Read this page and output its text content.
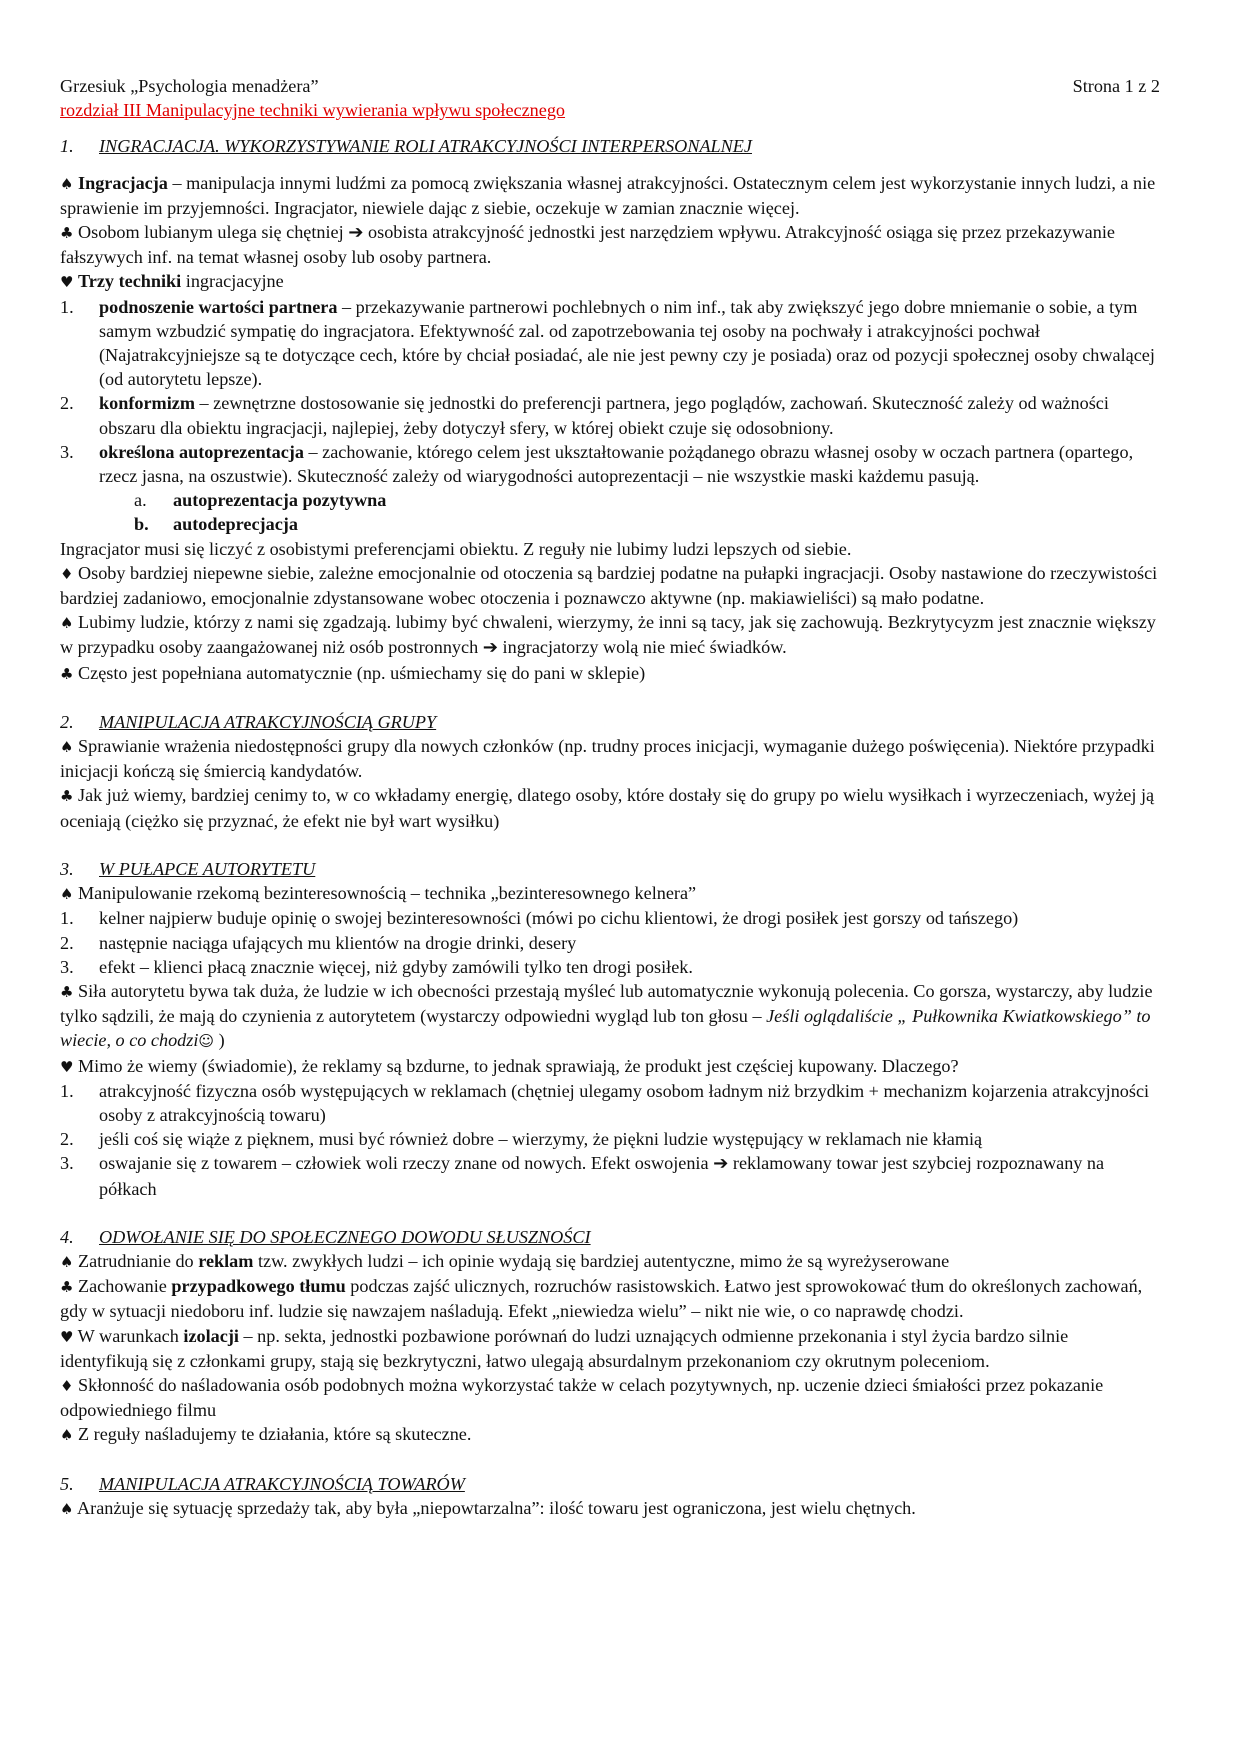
Grzesiuk „Psychologia menadżera”	Strona 1 z 2
rozdział III Manipulacyjne techniki wywierania wpływu społecznego
1.	INGRACJACJA. WYKORZYSTYWANIE ROLI ATRAKCYJNOŚCI INTERPERSONALNEJ
♠ Ingracjacja – manipulacja innymi ludźmi za pomocą zwiększania własnej atrakcyjności. Ostatecznym celem jest wykorzystanie innych ludzi, a nie sprawienie im przyjemności. Ingracjator, niewiele dając z siebie, oczekuje w zamian znacznie więcej.
♣ Osobom lubianym ulega się chętniej ➔ osobista atrakcyjność jednostki jest narzędziem wpływu. Atrakcyjność osiąga się przez przekazywanie fałszywych inf. na temat własnej osoby lub osoby partnera.
♥ Trzy techniki ingracjacyjne
1.	podnoszenie wartości partnera – przekazywanie partnerowi pochlebnych o nim inf., tak aby zwiększyć jego dobre mniemanie o sobie, a tym samym wzbudzić sympatię do ingracjatora. Efektywność zal. od zapotrzebowania tej osoby na pochwały i atrakcyjności pochwał (Najatrakcyjniejsze są te dotyczące cech, które by chciał posiadać, ale nie jest pewny czy je posiada) oraz od pozycji społecznej osoby chwalącej (od autorytetu lepsze).
2.	konformizm – zewnętrzne dostosowanie się jednostki do preferencji partnera, jego poglądów, zachowań. Skuteczność zależy od ważności obszaru dla obiektu ingracjacji, najlepiej, żeby dotyczył sfery, w której obiekt czuje się odosobniony.
3.	określona autoprezentacja – zachowanie, którego celem jest ukształtowanie pożądanego obrazu własnej osoby w oczach partnera (opartego, rzecz jasna, na oszustwie). Skuteczność zależy od wiarygodności autoprezentacji – nie wszystkie maski każdemu pasują.
a.	autoprezentacja pozytywna
b.	autodeprecjacja
Ingracjator musi się liczyć z osobistymi preferencjami obiektu. Z reguły nie lubimy ludzi lepszych od siebie.
♦ Osoby bardziej niepewne siebie, zależne emocjonalnie od otoczenia są bardziej podatne na pułapki ingracjacji. Osoby nastawione do rzeczywistości bardziej zadaniowo, emocjonalnie zdystansowane wobec otoczenia i poznawczo aktywne (np. makiawieliści) są mało podatne.
♠ Lubimy ludzie, którzy z nami się zgadzają. lubimy być chwaleni, wierzymy, że inni są tacy, jak się zachowują. Bezkrytycyzm jest znacznie większy w przypadku osoby zaangażowanej niż osób postronnych ➔ ingracjatorzy wolą nie mieć świadków.
♣ Często jest popełniana automatycznie (np. uśmiechamy się do pani w sklepie)
2.	MANIPULACJA ATRAKCYJNOŚCIĄ GRUPY
♠ Sprawianie wrażenia niedostępności grupy dla nowych członków (np. trudny proces inicjacji, wymaganie dużego poświęcenia). Niektóre przypadki inicjacji kończą się śmiercią kandydatów.
♣ Jak już wiemy, bardziej cenimy to, w co wkładamy energię, dlatego osoby, które dostały się do grupy po wielu wysiłkach i wyrzeczeniach, wyżej ją oceniają (ciężko się przyznać, że efekt nie był wart wysiłku)
3.	W PUŁAPCE AUTORYTETU
♠ Manipulowanie rzekomą bezinteresownością – technika „bezinteresownego kelnera”
1.	kelner najpierw buduje opinię o swojej bezinteresowności (mówi po cichu klientowi, że drogi posiłek jest gorszy od tańszego)
2.	następnie naciąga ufających mu klientów na drogie drinki, desery
3.	efekt – klienci płacą znacznie więcej, niż gdyby zamówili tylko ten drogi posiłek.
♣ Siła autorytetu bywa tak duża, że ludzie w ich obecności przestają myśleć lub automatycznie wykonują polecenia. Co gorsza, wystarczy, aby ludzie tylko sądzili, że mają do czynienia z autorytetem (wystarczy odpowiedni wygląd lub ton głosu – Jeśli oglądaliście „ Pułkownika Kwiatkowskiego” to wiecie, o co chodzi☺ )
♥ Mimo że wiemy (świadomie), że reklamy są bzdurne, to jednak sprawiają, że produkt jest częściej kupowany. Dlaczego?
1.	atrakcyjność fizyczna osób występujących w reklamach (chętniej ulegamy osobom ładnym niż brzydkim + mechanizm kojarzenia atrakcyjności osoby z atrakcyjnością towaru)
2.	jeśli coś się wiąże z pięknem, musi być również dobre – wierzymy, że piękni ludzie występujący w reklamach nie kłamią
3.	oswajanie się z towarem – człowiek woli rzeczy znane od nowych. Efekt oswojenia ➔ reklamowany towar jest szybciej rozpoznawany na półkach
4.	ODWOŁANIE SIĘ DO SPOŁECZNEGO DOWODU SŁUSZNOŚCI
♠ Zatrudnianie do reklam tzw. zwykłych ludzi – ich opinie wydają się bardziej autentyczne, mimo że są wyreżyserowane
♣ Zachowanie przypadkowego tłumu podczas zajść ulicznych, rozruchów rasistowskich. Łatwo jest sprowokować tłum do określonych zachowań, gdy w sytuacji niedoboru inf. ludzie się nawzajem naśladują. Efekt „niewiedza wielu” – nikt nie wie, o co naprawdę chodzi.
♥ W warunkach izolacji – np. sekta, jednostki pozbawione porównań do ludzi uznających odmienne przekonania i styl życia bardzo silnie identyfikują się z członkami grupy, stają się bezkrytyczni, łatwo ulegają absurdalnym przekonaniom czy okrutnym poleceniom.
♦ Skłonność do naśladowania osób podobnych można wykorzystać także w celach pozytywnych, np. uczenie dzieci śmiałości przez pokazanie odpowiedniego filmu
♠ Z reguły naśladujemy te działania, które są skuteczne.
5.	MANIPULACJA ATRAKCYJNOŚCIĄ TOWARÓW
♠ Aranżuje się sytuację sprzedaży tak, aby była „niepowtarzalna”: ilość towaru jest ograniczona, jest wielu chętnych.
